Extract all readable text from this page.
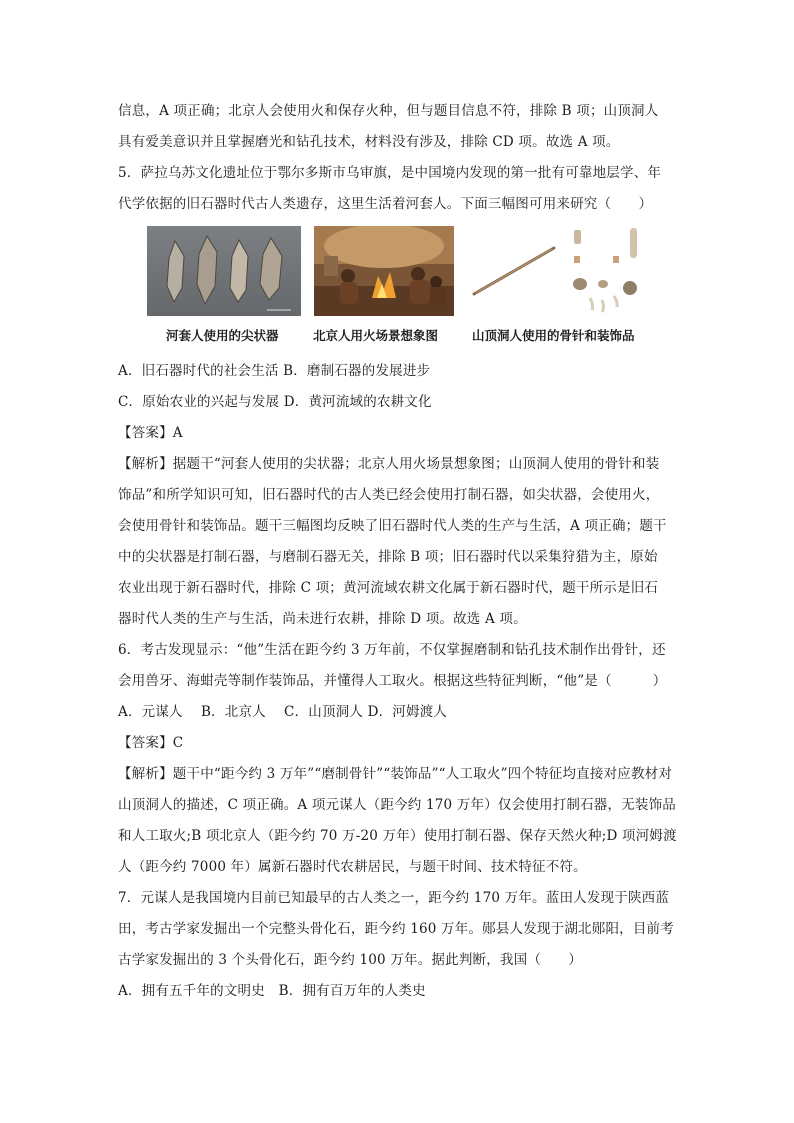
信息，A 项正确；北京人会使用火和保存火种，但与题目信息不符，排除 B 项；山顶洞人
具有爱美意识并且掌握磨光和钻孔技术，材料没有涉及，排除 CD 项。故选 A 项。
5．萨拉乌苏文化遗址位于鄂尔多斯市乌审旗，是中国境内发现的第一批有可靠地层学、年
代学依据的旧石器时代古人类遗存，这里生活着河套人。下面三幅图可用来研究（　　）
河套人使用的尖状器	北京人用火场景想象图	山顶洞人使用的骨针和装饰品
A．旧石器时代的社会生活 B．磨制石器的发展进步
C．原始农业的兴起与发展 D．黄河流域的农耕文化
【答案】A
【解析】据题干“河套人使用的尖状器；北京人用火场景想象图；山顶洞人使用的骨针和装
饰品”和所学知识可知，旧石器时代的古人类已经会使用打制石器，如尖状器，会使用火，
会使用骨针和装饰品。题干三幅图均反映了旧石器时代人类的生产与生活，A 项正确；题干
中的尖状器是打制石器，与磨制石器无关，排除 B 项；旧石器时代以采集狩猎为主，原始
农业出现于新石器时代，排除 C 项；黄河流域农耕文化属于新石器时代，题干所示是旧石
器时代人类的生产与生活，尚未进行农耕，排除 D 项。故选 A 项。
6．考古发现显示：“他”生活在距今约 3 万年前，不仅掌握磨制和钻孔技术制作出骨针，还
会用兽牙、海蚶壳等制作装饰品，并懂得人工取火。根据这些特征判断，“他”是（　　　）
A．元谋人　 B．北京人　 C．山顶洞人 D．河姆渡人
【答案】C
【解析】题干中“距今约 3 万年”“磨制骨针”“装饰品”“人工取火”四个特征均直接对应教材对
山顶洞人的描述，C 项正确。A 项元谋人（距今约 170 万年）仅会使用打制石器，无装饰品
和人工取火;B 项北京人（距今约 70 万-20 万年）使用打制石器、保存天然火种;D 项河姆渡
人（距今约 7000 年）属新石器时代农耕居民，与题干时间、技术特征不符。
7．元谋人是我国境内目前已知最早的古人类之一，距今约 170 万年。蓝田人发现于陕西蓝
田，考古学家发掘出一个完整头骨化石，距今约 160 万年。郧县人发现于湖北郧阳，目前考
古学家发掘出的 3 个头骨化石，距今约 100 万年。据此判断，我国（　　）
A．拥有五千年的文明史　B．拥有百万年的人类史
